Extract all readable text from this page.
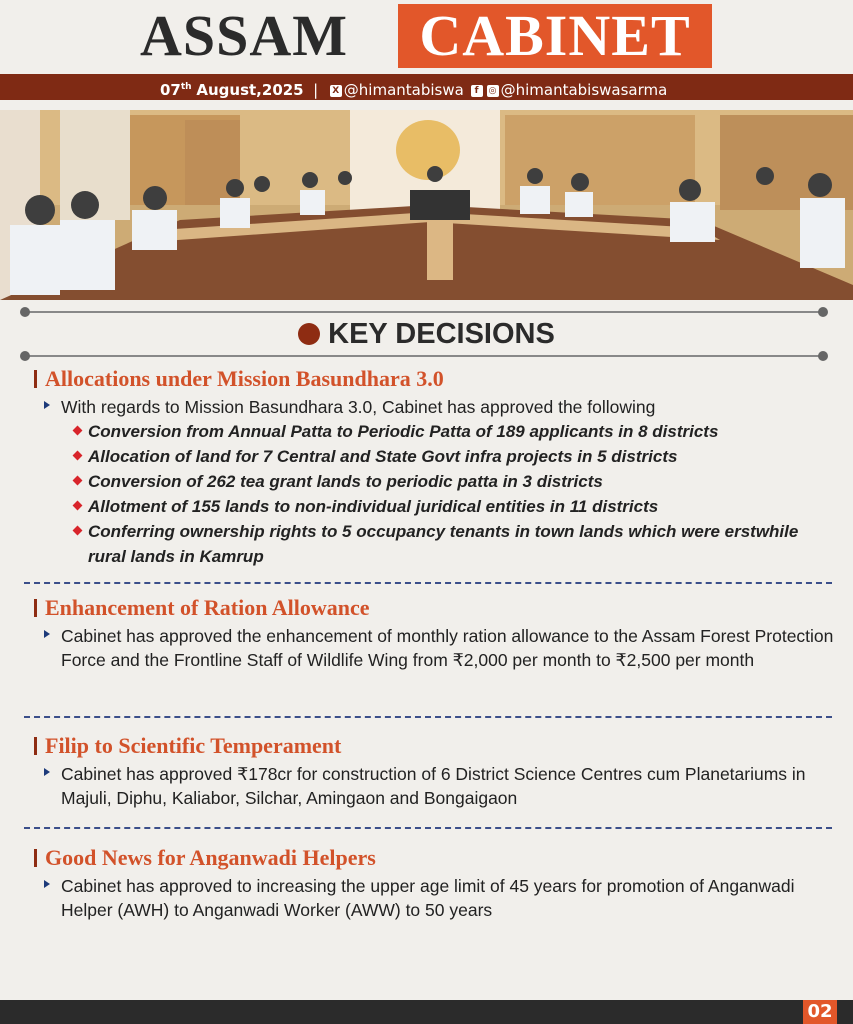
ASSAM	CABINET
07th August,2025 | X @himantabiswa f ◎ @himantabiswasarma
KEY DECISIONS
Allocations under Mission Basundhara 3.0
With regards to Mission Basundhara 3.0, Cabinet has approved the following
Conversion from Annual Patta to Periodic Patta of 189 applicants in 8 districts
Allocation of land for 7 Central and State Govt infra projects in 5 districts
Conversion of 262 tea grant lands to periodic patta in 3 districts
Allotment of 155 lands to non-individual juridical entities in 11 districts
Conferring ownership rights to 5 occupancy tenants in town lands which were erstwhile rural lands in Kamrup
Enhancement of Ration Allowance
Cabinet has approved the enhancement of monthly ration allowance to the Assam Forest Protection Force and the Frontline Staff of Wildlife Wing from ₹2,000 per month to ₹2,500 per month
Filip to Scientific Temperament
Cabinet has approved ₹178cr for construction of 6 District Science Centres cum Planetariums in Majuli, Diphu, Kaliabor, Silchar, Amingaon and Bongaigaon
Good News for Anganwadi Helpers
Cabinet has approved to increasing the upper age limit of 45 years for promotion of Anganwadi Helper (AWH) to Anganwadi Worker (AWW) to 50 years
02
